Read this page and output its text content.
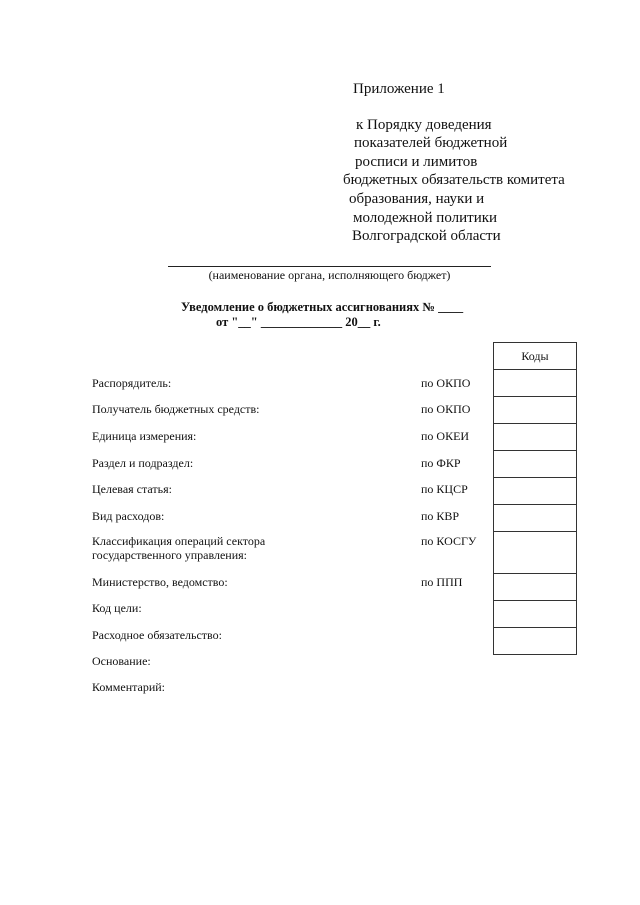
Приложение 1
к Порядку доведения
показателей бюджетной
росписи и лимитов
бюджетных обязательств комитета
образования, науки и
молодежной политики
Волгоградской области
(наименование органа, исполняющего бюджет)
Уведомление о бюджетных ассигнованиях № ____
от "__" _____________ 20__ г.
Распорядитель:
Получатель бюджетных средств:
Единица измерения:
Раздел и подраздел:
Целевая статья:
Вид расходов:
Классификация операций сектора
государственного управления:
Министерство, ведомство:
Код цели:
Расходное обязательство:
Основание:
Комментарий:
по ОКПО
по ОКПО
по ОКЕИ
по ФКР
по КЦСР
по КВР
по КОСГУ
по ППП
Коды
